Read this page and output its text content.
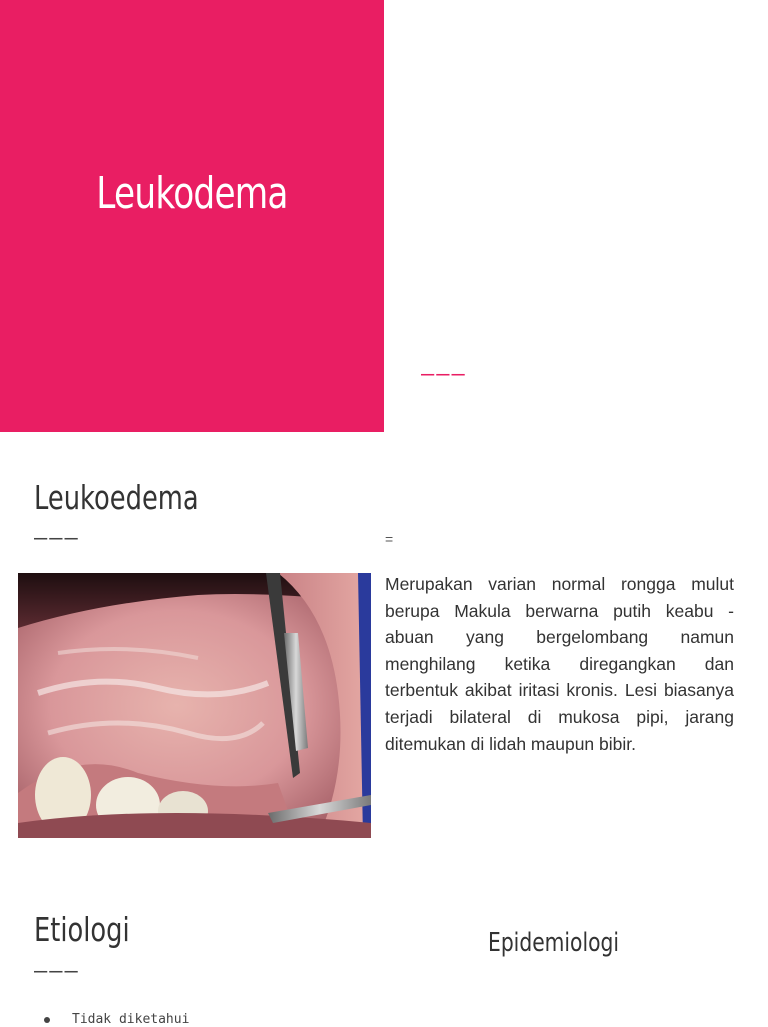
Leukodema
———
Leukoedema
———	=
Merupakan varian normal rongga mulut berupa Makula berwarna putih keabu - abuan yang bergelombang namun menghilang ketika diregangkan dan terbentuk akibat iritasi kronis. Lesi biasanya terjadi bilateral di mukosa pipi, jarang ditemukan di lidah maupun bibir.
Etiologi	Epidemiologi
———
Tidak diketahui
